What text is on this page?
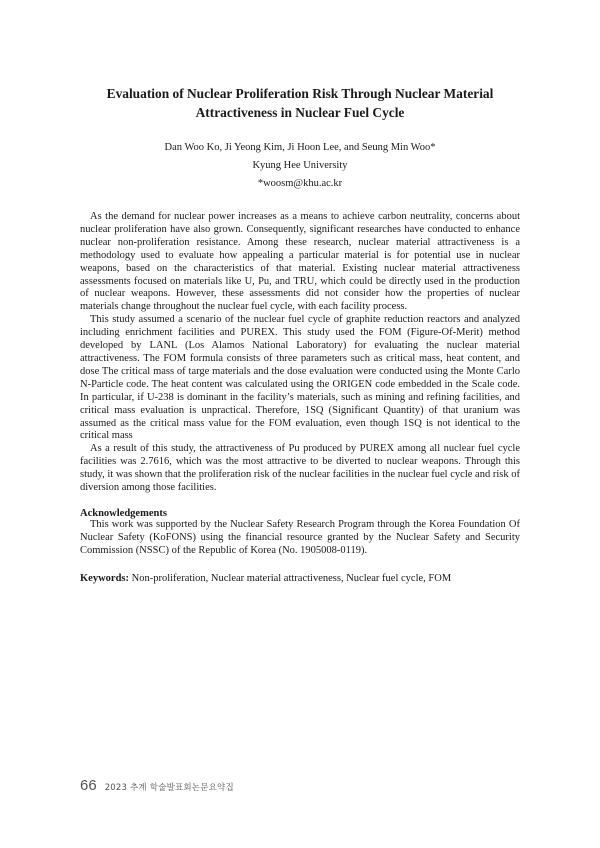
Evaluation of Nuclear Proliferation Risk Through Nuclear Material
Attractiveness in Nuclear Fuel Cycle
Dan Woo Ko, Ji Yeong Kim, Ji Hoon Lee, and Seung Min Woo*
Kyung Hee University
*woosm@khu.ac.kr

As the demand for nuclear power increases as a means to achieve carbon neutrality, concerns about nuclear proliferation have also grown. Consequently, significant researches have conducted to enhance nuclear non-proliferation resistance. Among these research, nuclear material attractiveness is a methodology used to evaluate how appealing a particular material is for potential use in nuclear weapons, based on the characteristics of that material. Existing nuclear material attractiveness assessments focused on materials like U, Pu, and TRU, which could be directly used in the production of nuclear weapons. However, these assessments did not consider how the properties of nuclear materials change throughout the nuclear fuel cycle, with each facility process.

This study assumed a scenario of the nuclear fuel cycle of graphite reduction reactors and analyzed including enrichment facilities and PUREX. This study used the FOM (Figure-Of-Merit) method developed by LANL (Los Alamos National Laboratory) for evaluating the nuclear material attractiveness. The FOM formula consists of three parameters such as critical mass, heat content, and dose The critical mass of targe materials and the dose evaluation were conducted using the Monte Carlo N-Particle code. The heat content was calculated using the ORIGEN code embedded in the Scale code. In particular, if U-238 is dominant in the facility’s materials, such as mining and refining facilities, and critical mass evaluation is unpractical. Therefore, 1SQ (Significant Quantity) of that uranium was assumed as the critical mass value for the FOM evaluation, even though 1SQ is not identical to the critical mass

As a result of this study, the attractiveness of Pu produced by PUREX among all nuclear fuel cycle facilities was 2.7616, which was the most attractive to be diverted to nuclear weapons. Through this study, it was shown that the proliferation risk of the nuclear facilities in the nuclear fuel cycle and risk of diversion among those facilities.

Acknowledgements

This work was supported by the Nuclear Safety Research Program through the Korea Foundation Of Nuclear Safety (KoFONS) using the financial resource granted by the Nuclear Safety and Security Commission (NSSC) of the Republic of Korea (No. 1905008-0119).

Keywords: Non-proliferation, Nuclear material attractiveness, Nuclear fuel cycle, FOM
66 2023 추계 학술발표회논문요약집
